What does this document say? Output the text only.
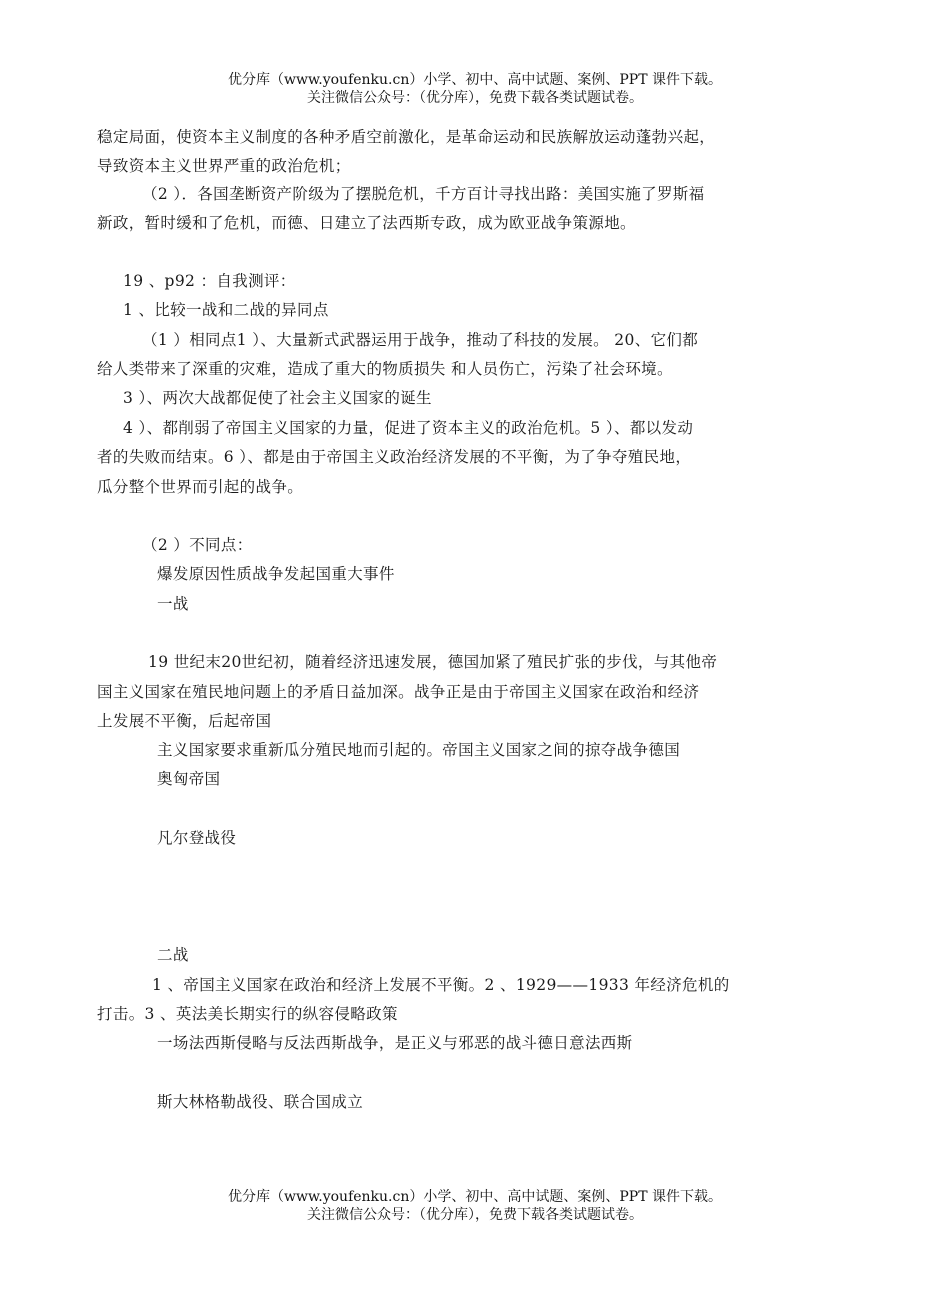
优分库（www.youfenku.cn）小学、初中、高中试题、案例、PPT 课件下载。
关注微信公众号：（优分库），免费下载各类试题试卷。
稳定局面，使资本主义制度的各种矛盾空前激化，是革命运动和民族解放运动蓬勃兴起，
导致资本主义世界严重的政治危机；
（2 ）．各国垄断资产阶级为了摆脱危机，千方百计寻找出路：美国实施了罗斯福
新政，暂时缓和了危机，而德、日建立了法西斯专政，成为欧亚战争策源地。
19 、p92 ：自我测评：
1 、比较一战和二战的异同点
（1 ）相同点1 ）、大量新式武器运用于战争，推动了科技的发展。 20、它们都
给人类带来了深重的灾难，造成了重大的物质损失 和人员伤亡，污染了社会环境。
3 ）、两次大战都促使了社会主义国家的诞生
4 ）、都削弱了帝国主义国家的力量，促进了资本主义的政治危机。5 ）、都以发动
者的失败而结束。6 ）、都是由于帝国主义政治经济发展的不平衡，为了争夺殖民地，
瓜分整个世界而引起的战争。
（2 ）不同点：
爆发原因性质战争发起国重大事件
一战
19 世纪末20世纪初，随着经济迅速发展，德国加紧了殖民扩张的步伐，与其他帝
国主义国家在殖民地问题上的矛盾日益加深。战争正是由于帝国主义国家在政治和经济
上发展不平衡，后起帝国
主义国家要求重新瓜分殖民地而引起的。帝国主义国家之间的掠夺战争德国
奥匈帝国
凡尔登战役
二战
1 、帝国主义国家在政治和经济上发展不平衡。2 、1929——1933 年经济危机的
打击。3 、英法美长期实行的纵容侵略政策
一场法西斯侵略与反法西斯战争，是正义与邪恶的战斗德日意法西斯
斯大林格勒战役、联合国成立
优分库（www.youfenku.cn）小学、初中、高中试题、案例、PPT 课件下载。
关注微信公众号：（优分库），免费下载各类试题试卷。
